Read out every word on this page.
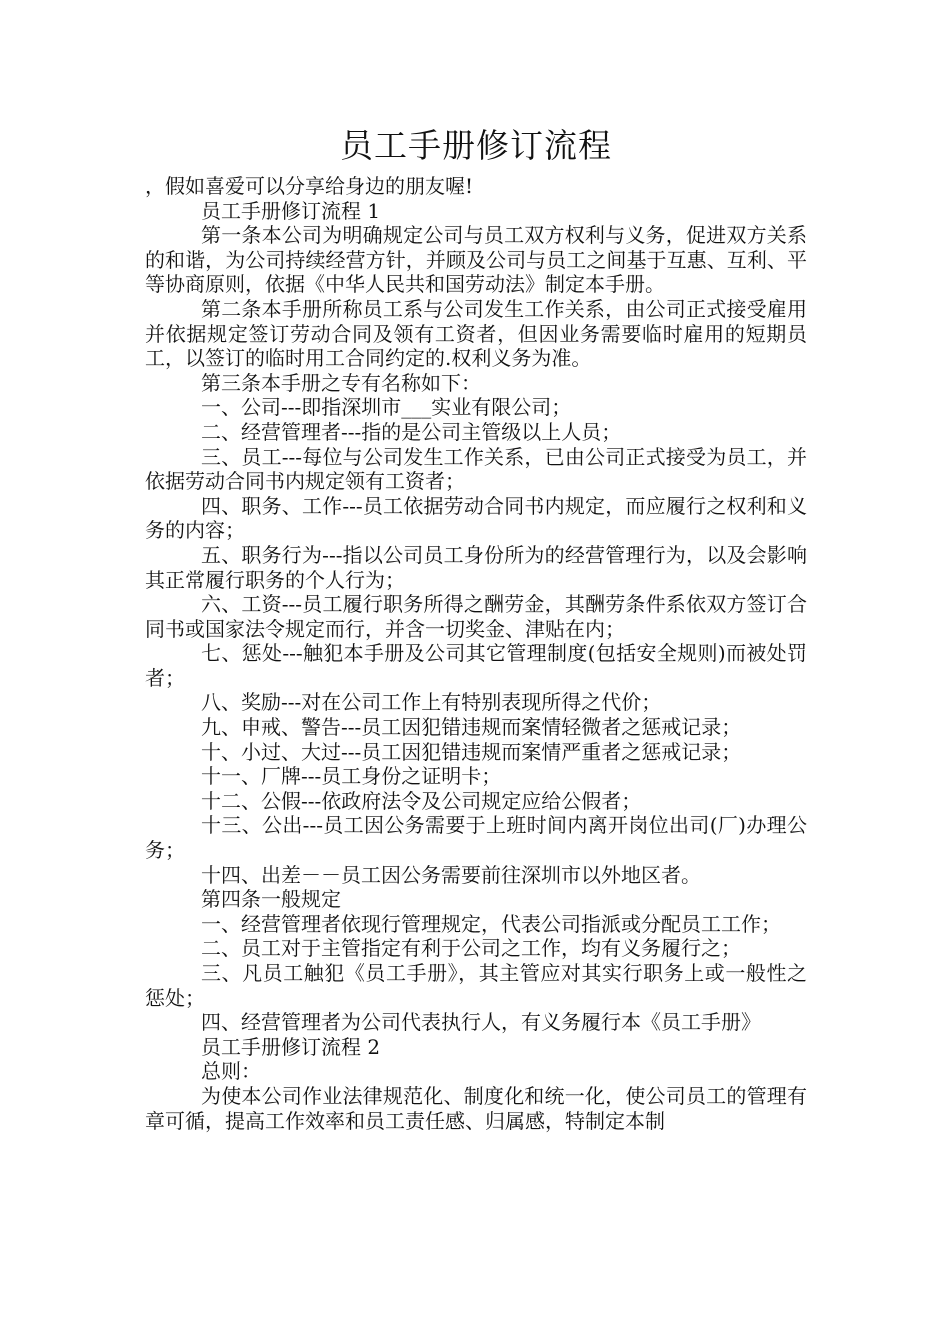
员工手册修订流程

，假如喜爱可以分享给身边的朋友喔!

员工手册修订流程 1

第一条本公司为明确规定公司与员工双方权利与义务，促进双方关系的和谐，为公司持续经营方针，并顾及公司与员工之间基于互惠、互利、平等协商原则，依据《中华人民共和国劳动法》制定本手册。

第二条本手册所称员工系与公司发生工作关系，由公司正式接受雇用并依据规定签订劳动合同及领有工资者，但因业务需要临时雇用的短期员工，以签订的临时用工合同约定的.权利义务为准。

第三条本手册之专有名称如下：

一、公司---即指深圳市___实业有限公司；

二、经营管理者---指的是公司主管级以上人员；

三、员工---每位与公司发生工作关系，已由公司正式接受为员工，并依据劳动合同书内规定领有工资者；

四、职务、工作---员工依据劳动合同书内规定，而应履行之权利和义务的内容；

五、职务行为---指以公司员工身份所为的经营管理行为，以及会影响其正常履行职务的个人行为；

六、工资---员工履行职务所得之酬劳金，其酬劳条件系依双方签订合同书或国家法令规定而行，并含一切奖金、津贴在内；

七、惩处---触犯本手册及公司其它管理制度(包括安全规则)而被处罚者；

八、奖励---对在公司工作上有特别表现所得之代价；

九、申戒、警告---员工因犯错违规而案情轻微者之惩戒记录；

十、小过、大过---员工因犯错违规而案情严重者之惩戒记录；

十一、厂牌---员工身份之证明卡；

十二、公假---依政府法令及公司规定应给公假者；

十三、公出---员工因公务需要于上班时间内离开岗位出司(厂)办理公务；

十四、出差－－员工因公务需要前往深圳市以外地区者。

第四条一般规定

一、经营管理者依现行管理规定，代表公司指派或分配员工工作；

二、员工对于主管指定有利于公司之工作，均有义务履行之；

三、凡员工触犯《员工手册》，其主管应对其实行职务上或一般性之惩处；

四、经营管理者为公司代表执行人，有义务履行本《员工手册》

员工手册修订流程 2

总则：

为使本公司作业法律规范化、制度化和统一化，使公司员工的管理有章可循，提高工作效率和员工责任感、归属感，特制定本制
